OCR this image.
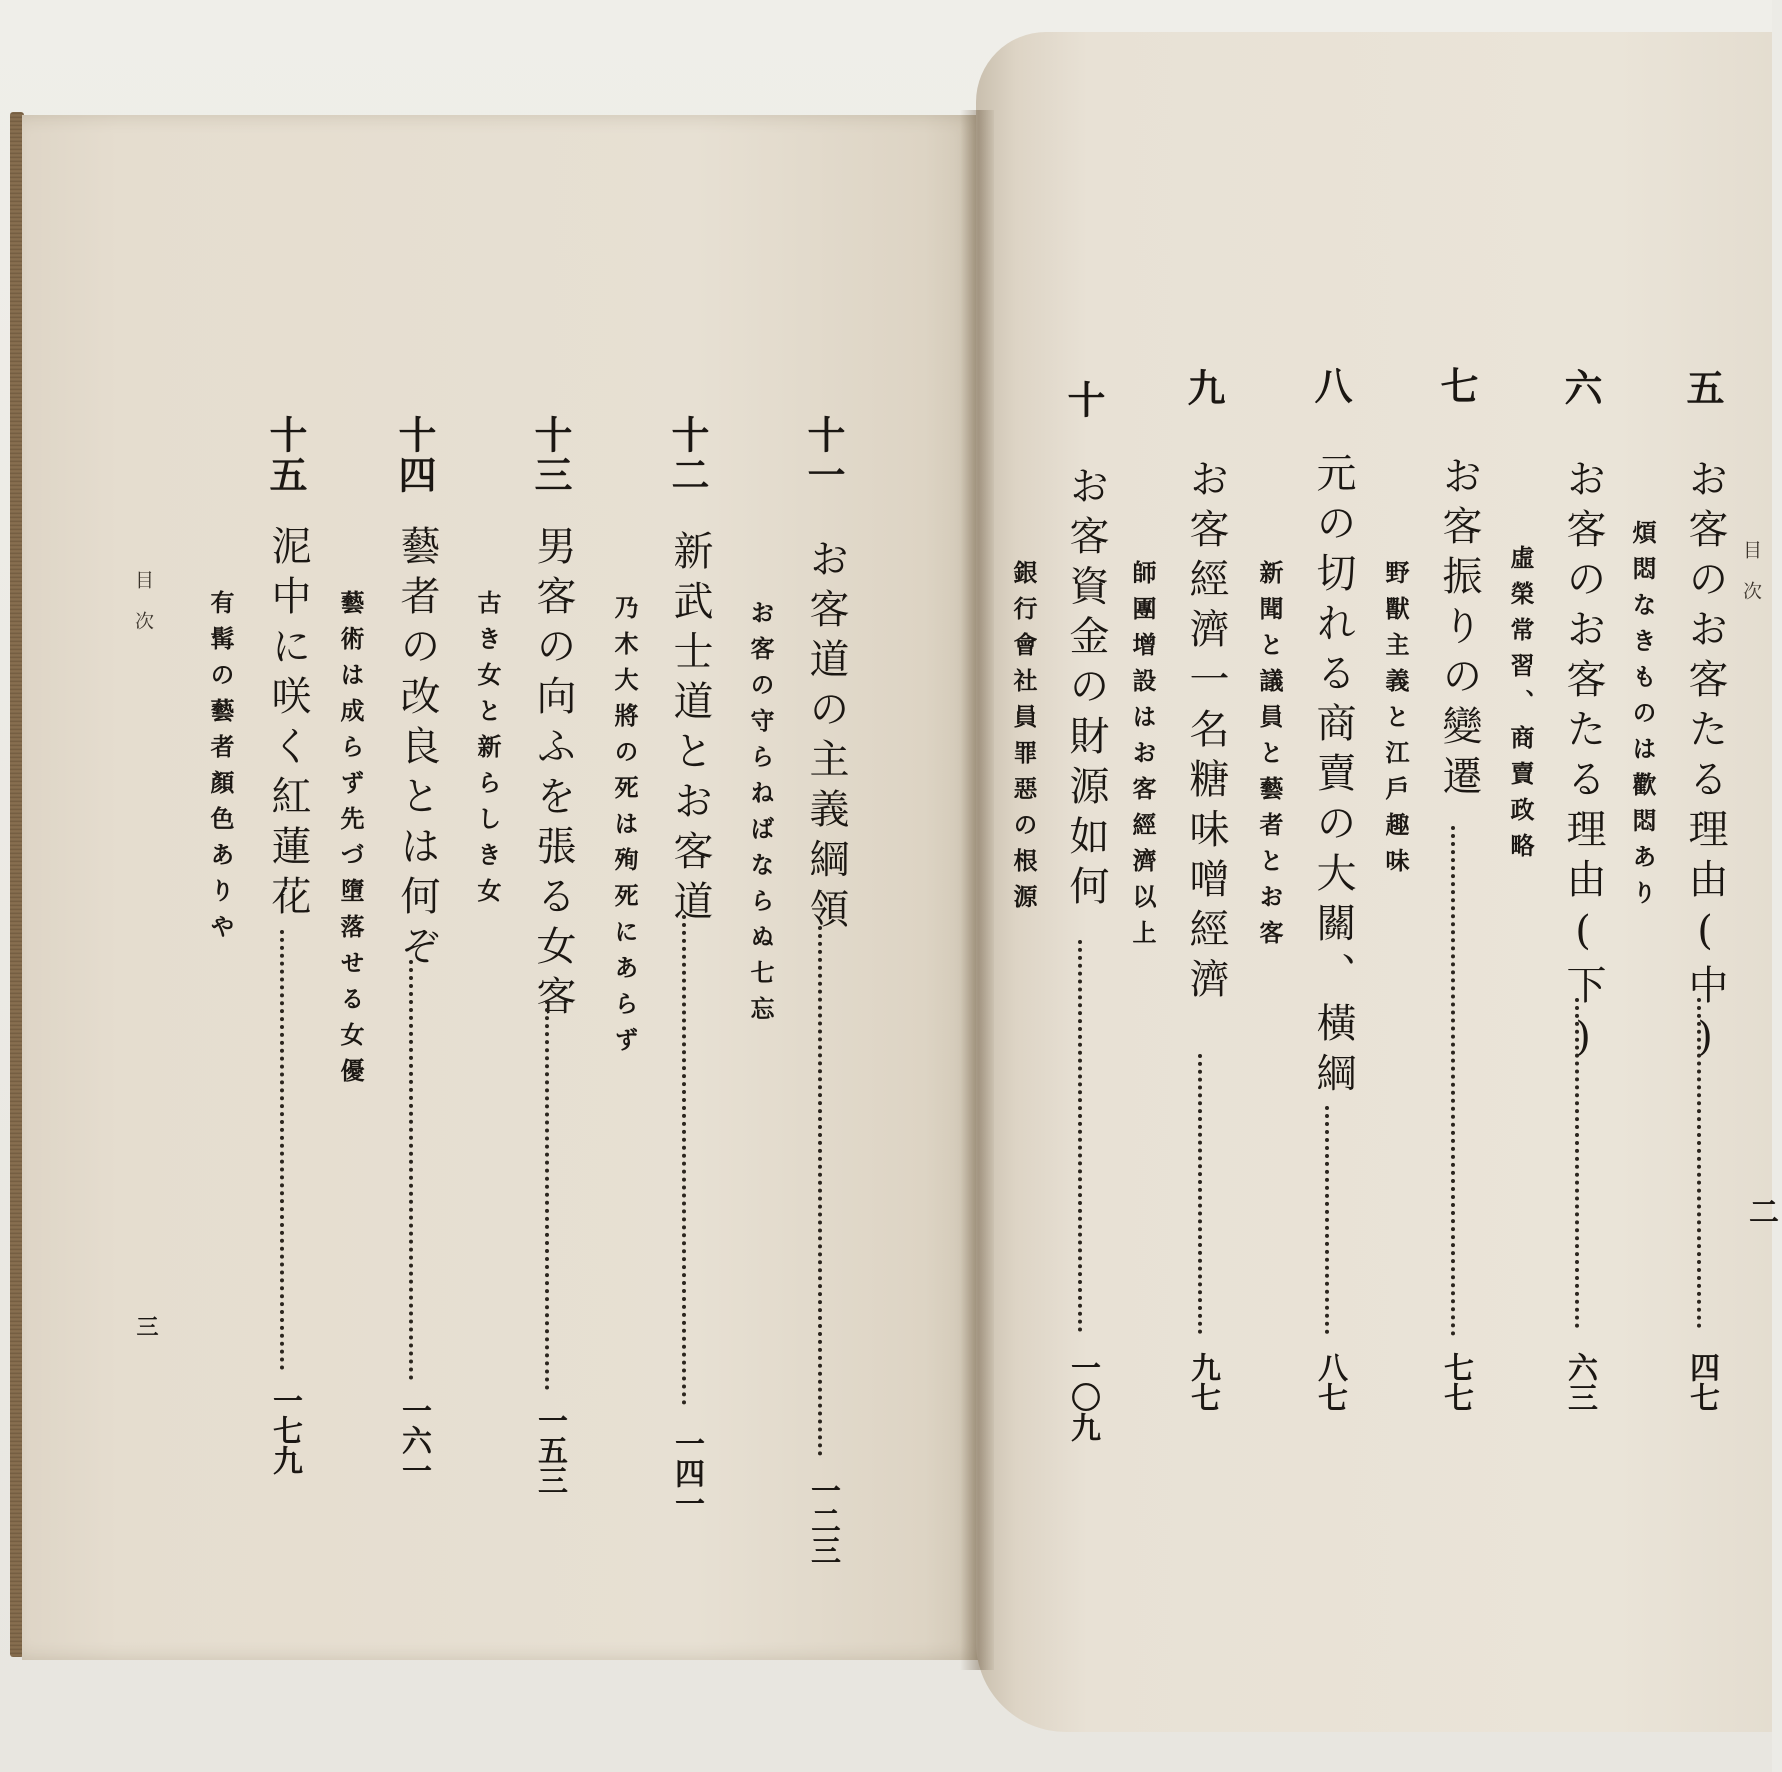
目 次
二
五
お客のお客たる理由(中)
煩悶なきものは歡悶あり
四七
六
お客のお客たる理由(下)
虛榮常習、商賣政略
六三
七
お客振りの變遷
野獸主義と江戶趣味
七七
八
元の切れる商賣の大關、橫綱
新聞と議員と藝者とお客
八七
九
お客經濟一名糖味噌經濟
師團增設はお客經濟以上
九七
十
お客資金の財源如何
銀行會社員罪惡の根源
一〇九
目 次
三
十一
お客道の主義綱領
お客の守らねばならぬ七忘
一二三
十二
新武士道とお客道
乃木大將の死は殉死にあらず
一四一
十三
男客の向ふを張る女客
古き女と新らしき女
一五三
十四
藝者の改良とは何ぞ
藝術は成らず先づ墮落せる女優
一六一
十五
泥中に咲く紅蓮花
有髯の藝者顏色ありや
一七九
